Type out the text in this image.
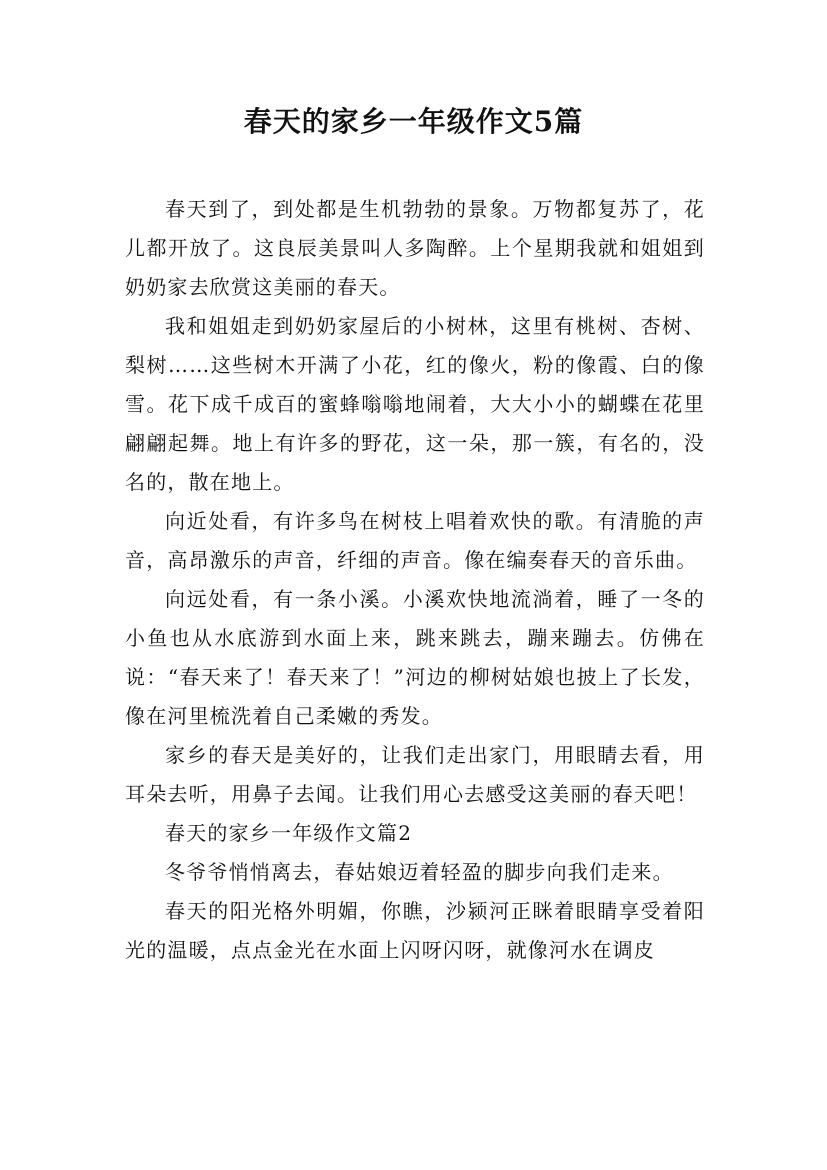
春天的家乡一年级作文5篇

春天到了，到处都是生机勃勃的景象。万物都复苏了，花儿都开放了。这良辰美景叫人多陶醉。上个星期我就和姐姐到奶奶家去欣赏这美丽的春天。

我和姐姐走到奶奶家屋后的小树林，这里有桃树、杏树、梨树……这些树木开满了小花，红的像火，粉的像霞、白的像雪。花下成千成百的蜜蜂嗡嗡地闹着，大大小小的蝴蝶在花里翩翩起舞。地上有许多的野花，这一朵，那一簇，有名的，没名的，散在地上。

向近处看，有许多鸟在树枝上唱着欢快的歌。有清脆的声音，高昂激乐的声音，纤细的声音。像在编奏春天的音乐曲。

向远处看，有一条小溪。小溪欢快地流淌着，睡了一冬的小鱼也从水底游到水面上来，跳来跳去，蹦来蹦去。仿佛在说：“春天来了！春天来了！”河边的柳树姑娘也披上了长发，像在河里梳洗着自己柔嫩的秀发。

家乡的春天是美好的，让我们走出家门，用眼睛去看，用耳朵去听，用鼻子去闻。让我们用心去感受这美丽的春天吧！

春天的家乡一年级作文篇2

冬爷爷悄悄离去，春姑娘迈着轻盈的脚步向我们走来。

春天的阳光格外明媚，你瞧，沙颍河正眯着眼睛享受着阳光的温暖，点点金光在水面上闪呀闪呀，就像河水在调皮
